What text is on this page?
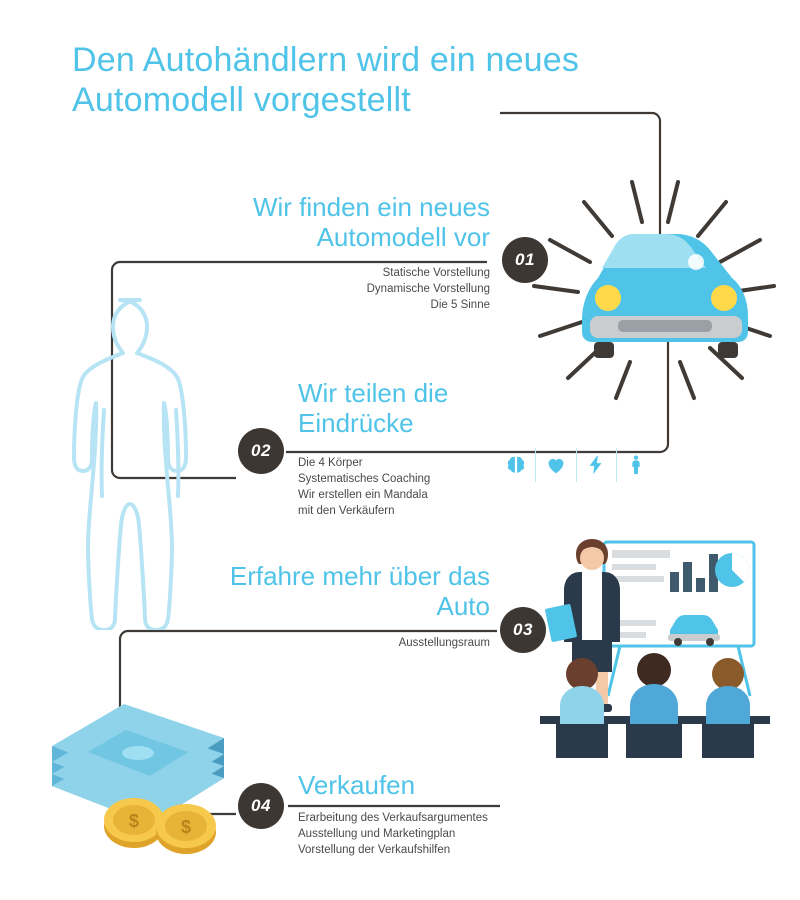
Den Autohändlern wird ein neues Automodell vorgestellt
Wir finden ein neues Automodell vor
01
Statische Vorstellung
Dynamische Vorstellung
Die 5 Sinne
02
Wir teilen die Eindrücke
Die 4 Körper
Systematisches Coaching
Wir erstellen ein Mandala
mit den Verkäufern
Erfahre mehr über das Auto
03
Ausstellungsraum
04
Verkaufen
Erarbeitung des Verkaufsargumentes
Ausstellung und Marketingplan
Vorstellung der Verkaufshilfen
$ $
